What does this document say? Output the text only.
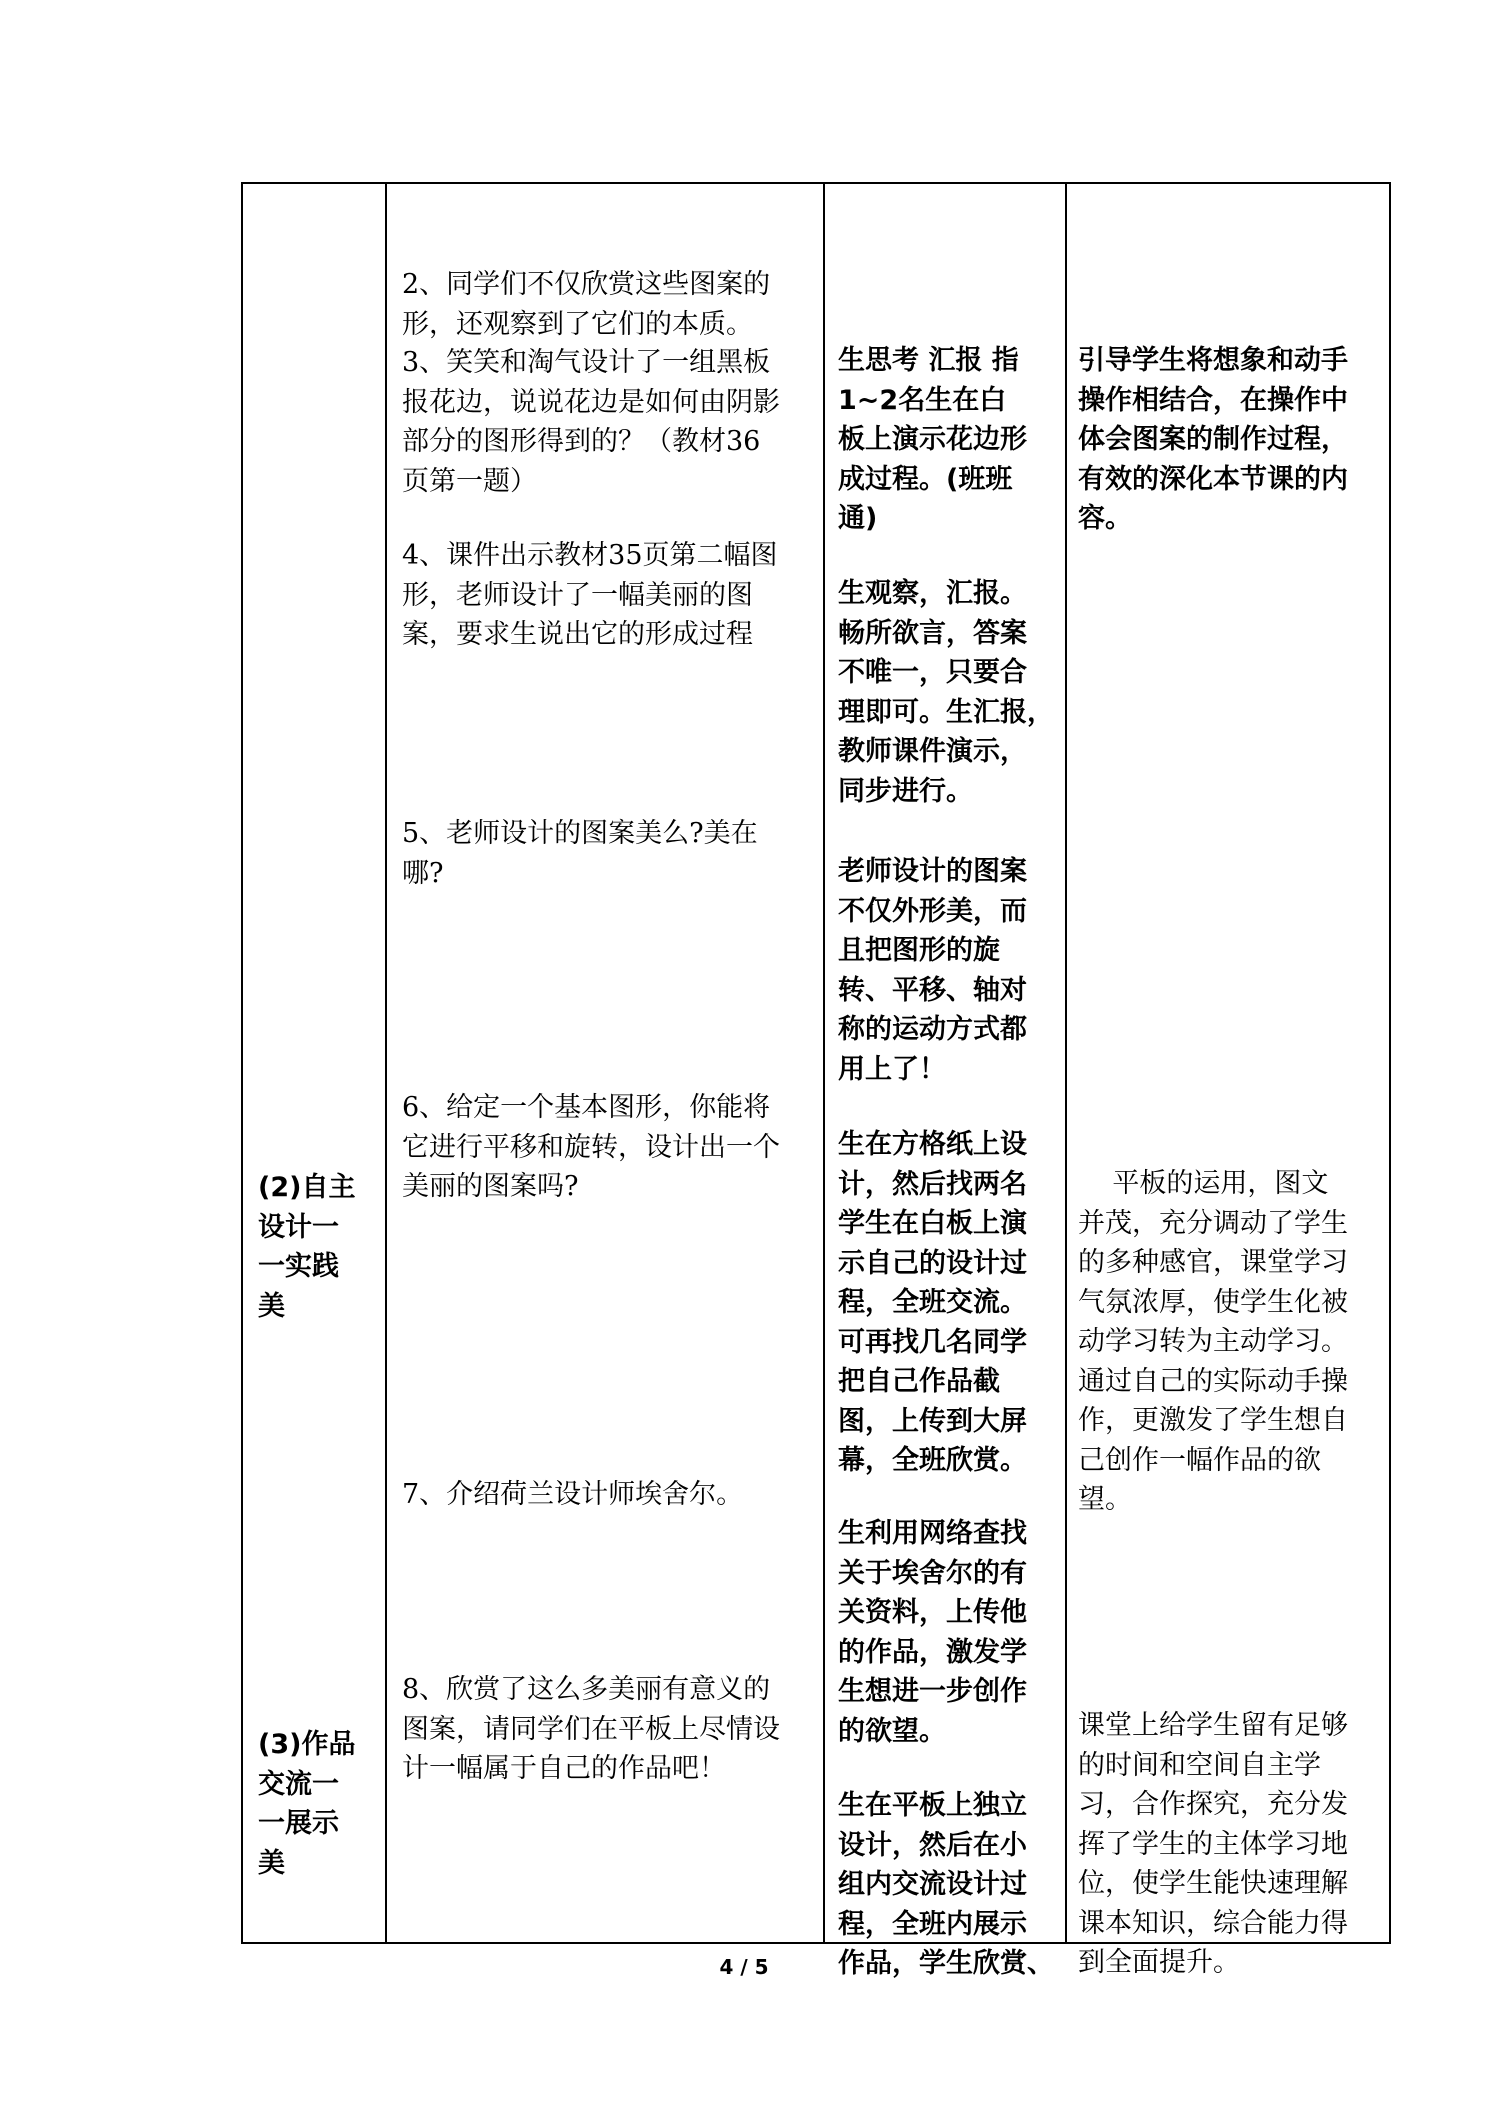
(2)自主
设计一
一实践
美

(3)作品
交流一
一展示
美

2、同学们不仅欣赏这些图案的
形，还观察到了它们的本质。

3、笑笑和淘气设计了一组黑板
报花边，说说花边是如何由阴影
部分的图形得到的？（教材36
页第一题）

4、课件出示教材35页第二幅图
形，老师设计了一幅美丽的图
案，要求生说出它的形成过程

5、老师设计的图案美么?美在
哪?

6、给定一个基本图形，你能将
它进行平移和旋转，设计出一个
美丽的图案吗?

7、介绍荷兰设计师埃舍尔。

8、欣赏了这么多美丽有意义的
图案，请同学们在平板上尽情设
计一幅属于自己的作品吧！

生思考 汇报 指
1~2名生在白
板上演示花边形
成过程。(班班
通)

生观察，汇报。
畅所欲言，答案
不唯一，只要合
理即可。生汇报，
教师课件演示，
同步进行。

老师设计的图案
不仅外形美，而
且把图形的旋
转、平移、轴对
称的运动方式都
用上了！

生在方格纸上设
计，然后找两名
学生在白板上演
示自己的设计过
程，全班交流。
可再找几名同学
把自己作品截
图，上传到大屏
幕，全班欣赏。

生利用网络查找
关于埃舍尔的有
关资料，上传他
的作品，激发学
生想进一步创作
的欲望。

生在平板上独立
设计，然后在小
组内交流设计过
程，全班内展示
作品，学生欣赏、

引导学生将想象和动手
操作相结合，在操作中
体会图案的制作过程，
有效的深化本节课的内
容。

平板的运用，图文
并茂，充分调动了学生
的多种感官，课堂学习
气氛浓厚，使学生化被
动学习转为主动学习。
通过自己的实际动手操
作，更激发了学生想自
己创作一幅作品的欲
望。

课堂上给学生留有足够
的时间和空间自主学
习，合作探究，充分发
挥了学生的主体学习地
位，使学生能快速理解
课本知识，综合能力得
到全面提升。

4 / 5
